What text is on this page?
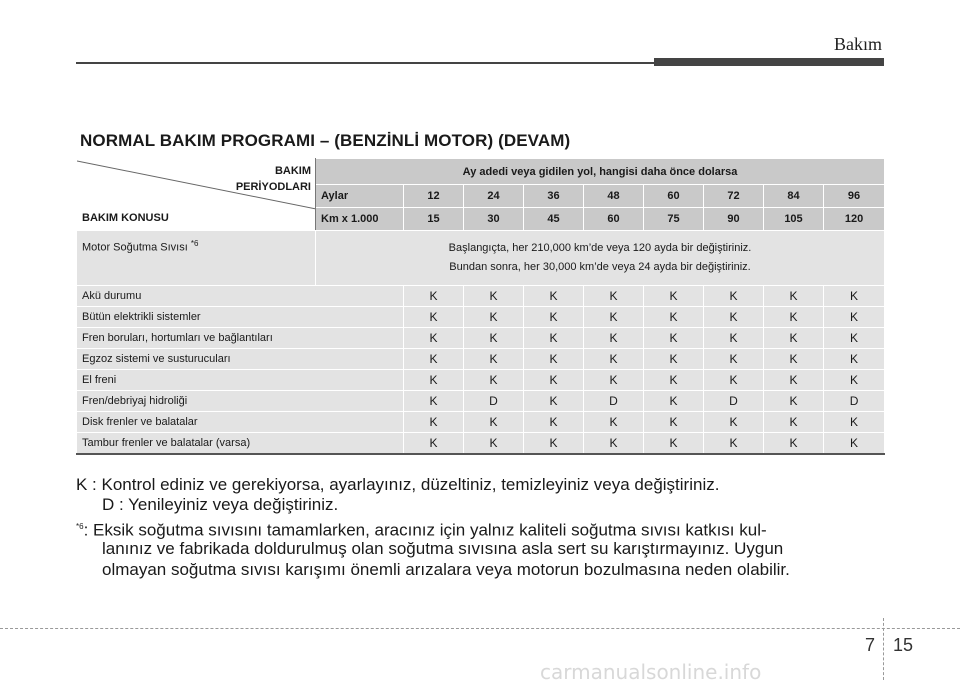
Bakım
NORMAL BAKIM PROGRAMI – (BENZİNLİ MOTOR) (DEVAM)
BAKIM
PERİYODLARI
BAKIM KONUSU	Ay adedi veya gidilen yol, hangisi daha önce dolarsa								
	Aylar	12	24	36	48	60	72	84	96
	Km x 1.000	15	30	45	60	75	90	105	120
Motor Soğutma Sıvısı $^{*6}$	Başlangıçta, her 210,000 km’de veya 120 ayda bir değiştiriniz.
Bundan sonra, her 30,000 km’de veya 24 ayda bir değiştiriniz.								

Akü durumu		K	K	K	K	K	K	K	K
Bütün elektrikli sistemler		K	K	K	K	K	K	K	K
Fren boruları, hortumları ve bağlantıları		K	K	K	K	K	K	K	K
Egzoz sistemi ve susturucuları		K	K	K	K	K	K	K	K
El freni		K	K	K	K	K	K	K	K
Fren/debriyaj hidroliği		K	D	K	D	K	D	K	D
Disk frenler ve balatalar		K	K	K	K	K	K	K	K
Tambur frenler ve balatalar (varsa)		K	K	K	K	K	K	K	K
K : Kontrol ediniz ve gerekiyorsa, ayarlayınız, düzeltiniz, temizleyiniz veya değiştiriniz.
D : Yenileyiniz veya değiştiriniz.
$^{*6}$: Eksik soğutma sıvısını tamamlarken, aracınız için yalnız kaliteli soğutma sıvısı katkısı kul-
lanınız ve fabrikada doldurulmuş olan soğutma sıvısına asla sert su karıştırmayınız. Uygun
olmayan soğutma sıvısı karışımı önemli arızalara veya motorun bozulmasına neden olabilir.
7 15
carmanualsonline.info
